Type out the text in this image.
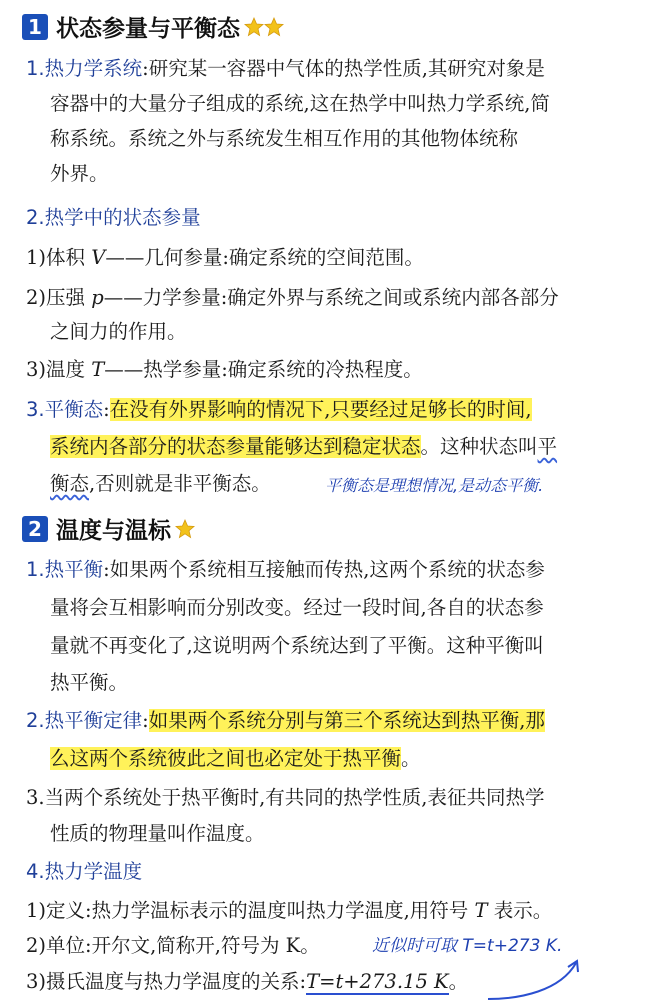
1 状态参量与平衡态
1.热力学系统:研究某一容器中气体的热学性质,其研究对象是
容器中的大量分子组成的系统,这在热学中叫热力学系统,简
称系统。系统之外与系统发生相互作用的其他物体统称
外界。
2.热学中的状态参量
1)体积 V——几何参量:确定系统的空间范围。
2)压强 p——力学参量:确定外界与系统之间或系统内部各部分
之间力的作用。
3)温度 T——热学参量:确定系统的冷热程度。
3.平衡态:在没有外界影响的情况下,只要经过足够长的时间,
系统内各部分的状态参量能够达到稳定状态。这种状态叫平
衡态,否则就是非平衡态。	平衡态是理想情况,是动态平衡.
2 温度与温标
1.热平衡:如果两个系统相互接触而传热,这两个系统的状态参
量将会互相影响而分别改变。经过一段时间,各自的状态参
量就不再变化了,这说明两个系统达到了平衡。这种平衡叫
热平衡。
2.热平衡定律:如果两个系统分别与第三个系统达到热平衡,那
么这两个系统彼此之间也必定处于热平衡。
3.当两个系统处于热平衡时,有共同的热学性质,表征共同热学
性质的物理量叫作温度。
4.热力学温度
1)定义:热力学温标表示的温度叫热力学温度,用符号 T 表示。
2)单位:开尔文,简称开,符号为 K。	近似时可取 T=t+273 K.
3)摄氏温度与热力学温度的关系:T=t+273.15 K。
